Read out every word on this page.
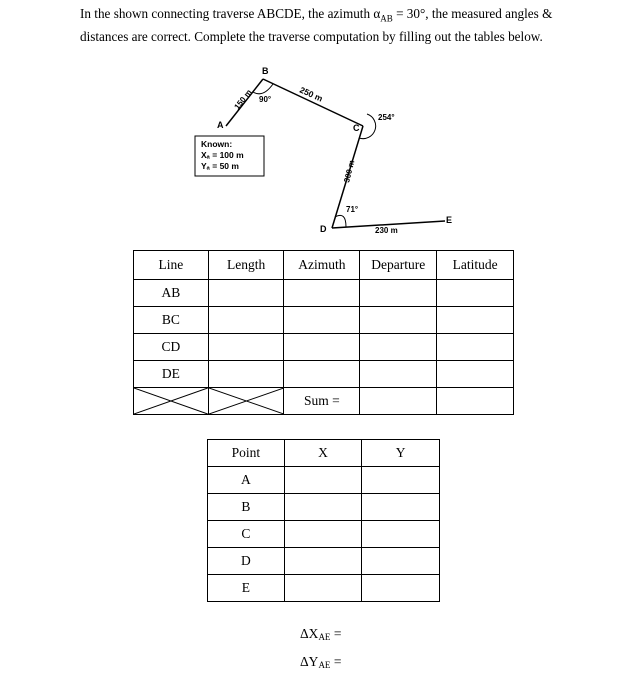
In the shown connecting traverse ABCDE, the azimuth $\alpha_{AB} = 30^\circ$, the measured angles & distances are correct. Complete the traverse computation by filling out the tables below.
B
A	C
D
E
90°
254°
71°
150 m	250 m
300 m
230 m
Known:
Xₐ = 100 m
Yₐ = 50 m
Line	Length	Azimuth	Departure	Latitude
AB				
BC				
CD				
DE				

	Sum =		
Point	X	Y
A		
B		
C		
D		
E		
$\Delta X_{AE}$ =
$\Delta Y_{AE}$ =
